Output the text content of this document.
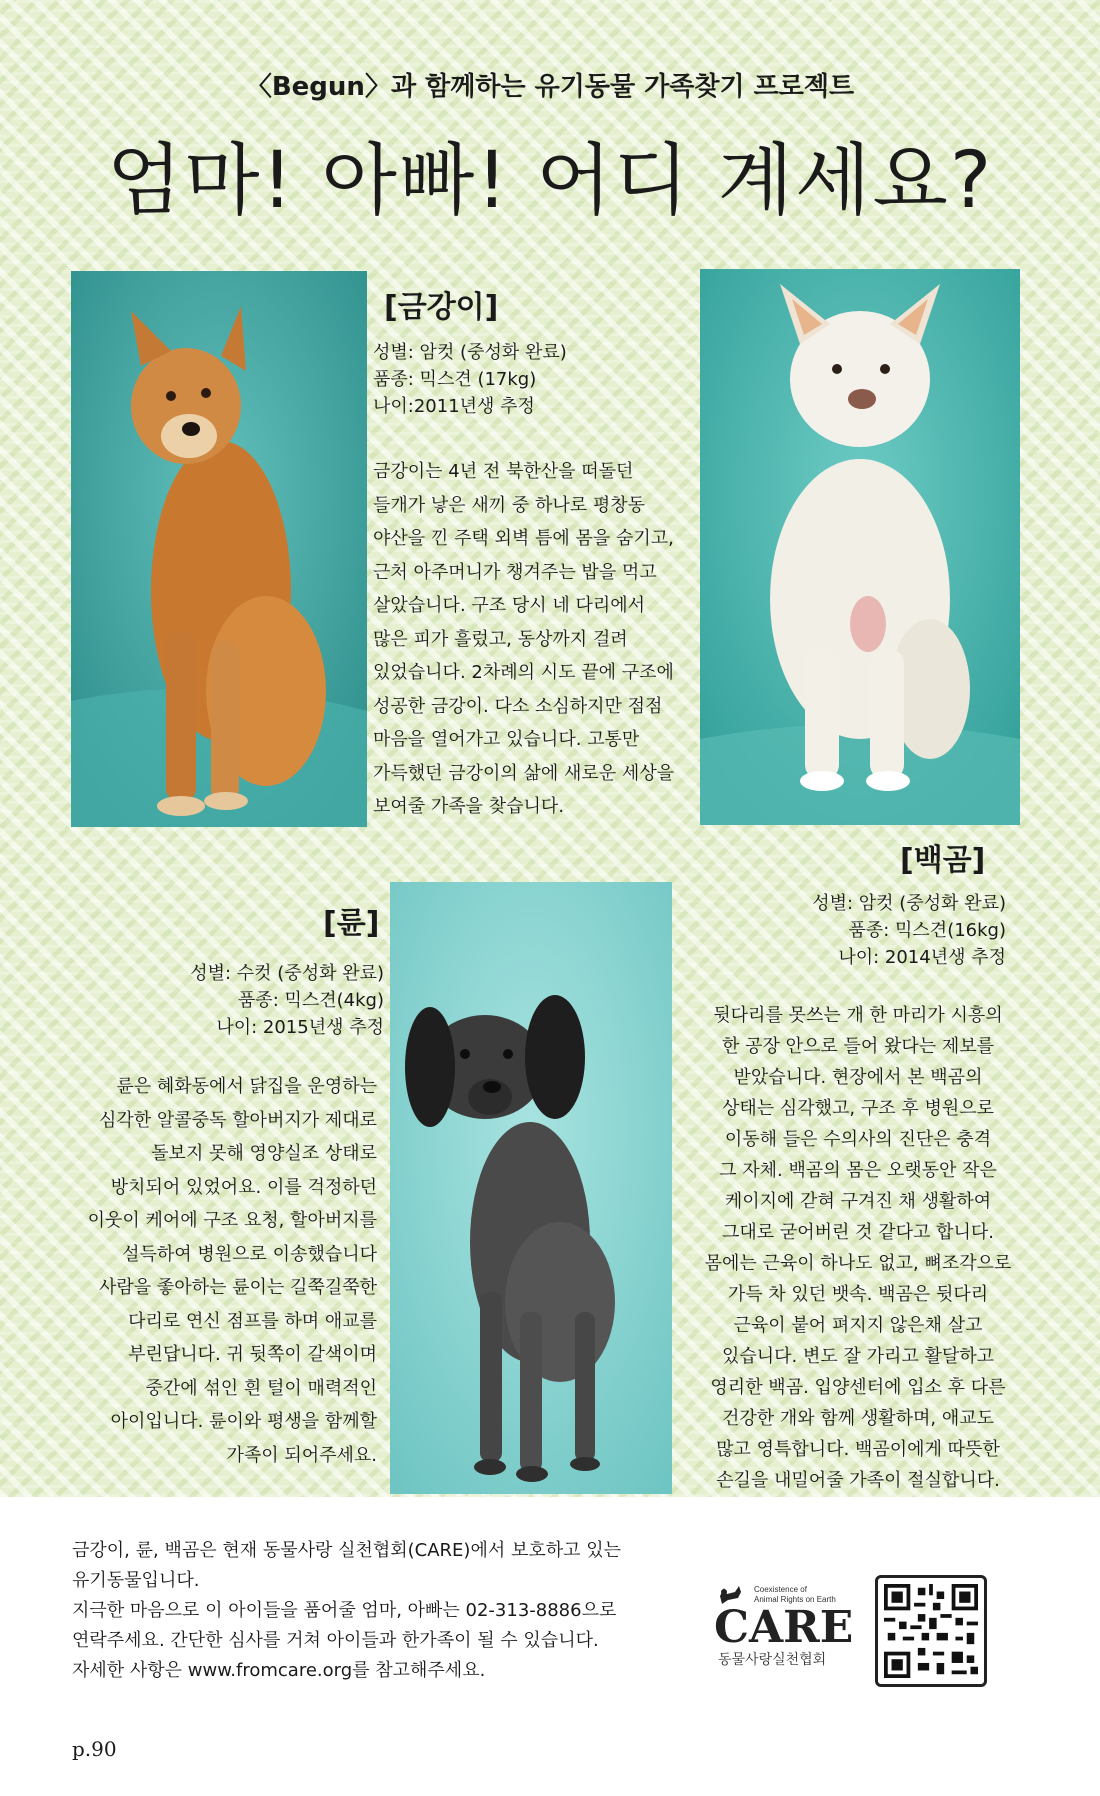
〈Begun〉과 함께하는 유기동물 가족찾기 프로젝트
엄마! 아빠! 어디 계세요?
[금강이]
성별: 암컷 (중성화 완료)
품종: 믹스견 (17kg)
나이:2011년생 추정
금강이는 4년 전 북한산을 떠돌던
들개가 낳은 새끼 중 하나로 평창동
야산을 낀 주택 외벽 틈에 몸을 숨기고,
근처 아주머니가 챙겨주는 밥을 먹고
살았습니다. 구조 당시 네 다리에서
많은 피가 흘렀고, 동상까지 걸려
있었습니다. 2차례의 시도 끝에 구조에
성공한 금강이. 다소 소심하지만 점점
마음을 열어가고 있습니다. 고통만
가득했던 금강이의 삶에 새로운 세상을
보여줄 가족을 찾습니다.
[백곰]
성별: 암컷 (중성화 완료)
품종: 믹스견(16kg)
나이: 2014년생 추정
뒷다리를 못쓰는 개 한 마리가 시흥의
한 공장 안으로 들어 왔다는 제보를
받았습니다. 현장에서 본 백곰의
상태는 심각했고, 구조 후 병원으로
이동해 들은 수의사의 진단은 충격
그 자체. 백곰의 몸은 오랫동안 작은
케이지에 갇혀 구겨진 채 생활하여
그대로 굳어버린 것 같다고 합니다.
몸에는 근육이 하나도 없고, 뼈조각으로
가득 차 있던 뱃속. 백곰은 뒷다리
근육이 붙어 펴지지 않은채 살고
있습니다. 변도 잘 가리고 활달하고
영리한 백곰. 입양센터에 입소 후 다른
건강한 개와 함께 생활하며, 애교도
많고 영특합니다. 백곰이에게 따뜻한
손길을 내밀어줄 가족이 절실합니다.
[륜]
성별: 수컷 (중성화 완료)
품종: 믹스견(4kg)
나이: 2015년생 추정
륜은 혜화동에서 닭집을 운영하는
심각한 알콜중독 할아버지가 제대로
돌보지 못해 영양실조 상태로
방치되어 있었어요. 이를 걱정하던
이웃이 케어에 구조 요청, 할아버지를
설득하여 병원으로 이송했습니다
사람을 좋아하는 륜이는 길쭉길쭉한
다리로 연신 점프를 하며 애교를
부린답니다. 귀 뒷쪽이 갈색이며
중간에 섞인 흰 털이 매력적인
아이입니다. 륜이와 평생을 함께할
가족이 되어주세요.
금강이, 륜, 백곰은 현재 동물사랑 실천협회(CARE)에서 보호하고 있는
유기동물입니다.
지극한 마음으로 이 아이들을 품어줄 엄마, 아빠는 02-313-8886으로
연락주세요. 간단한 심사를 거쳐 아이들과 한가족이 될 수 있습니다.
자세한 사항은 www.fromcare.org를 참고해주세요.
Coexistence of
Animal Rights on Earth
CARE
동물사랑실천협회
p.90
